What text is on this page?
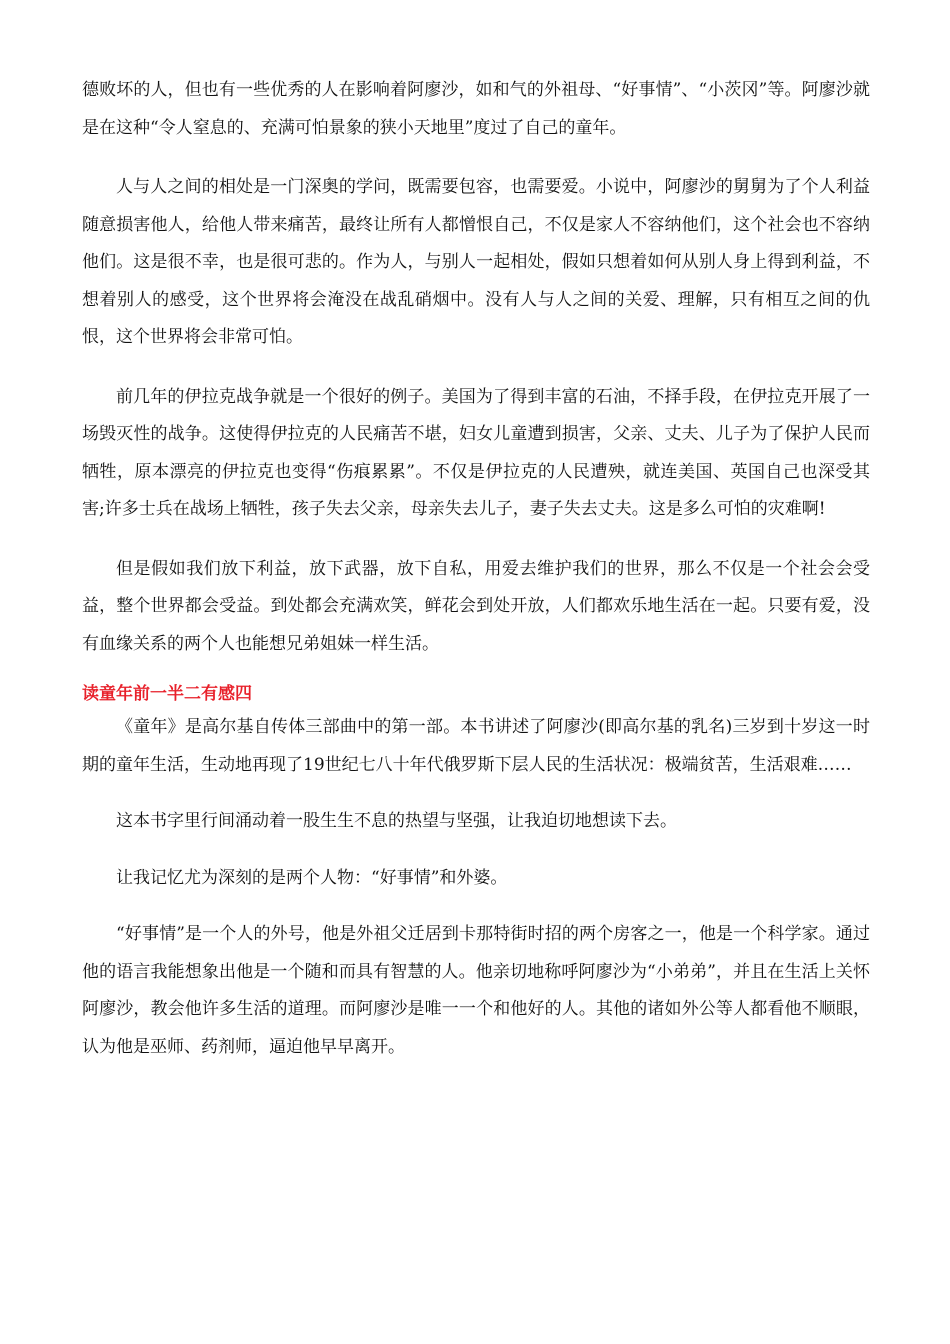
德败坏的人，但也有一些优秀的人在影响着阿廖沙，如和气的外祖母、“好事情”、“小茨冈”等。阿廖沙就是在这种“令人窒息的、充满可怕景象的狭小天地里”度过了自己的童年。

人与人之间的相处是一门深奥的学问，既需要包容，也需要爱。小说中，阿廖沙的舅舅为了个人利益随意损害他人，给他人带来痛苦，最终让所有人都憎恨自己，不仅是家人不容纳他们，这个社会也不容纳他们。这是很不幸，也是很可悲的。作为人，与别人一起相处，假如只想着如何从别人身上得到利益，不想着别人的感受，这个世界将会淹没在战乱硝烟中。没有人与人之间的关爱、理解，只有相互之间的仇恨，这个世界将会非常可怕。

前几年的伊拉克战争就是一个很好的例子。美国为了得到丰富的石油，不择手段，在伊拉克开展了一场毁灭性的战争。这使得伊拉克的人民痛苦不堪，妇女儿童遭到损害，父亲、丈夫、儿子为了保护人民而牺牲，原本漂亮的伊拉克也变得“伤痕累累”。不仅是伊拉克的人民遭殃，就连美国、英国自己也深受其害;许多士兵在战场上牺牲，孩子失去父亲，母亲失去儿子，妻子失去丈夫。这是多么可怕的灾难啊!

但是假如我们放下利益，放下武器，放下自私，用爱去维护我们的世界，那么不仅是一个社会会受益，整个世界都会受益。到处都会充满欢笑，鲜花会到处开放，人们都欢乐地生活在一起。只要有爱，没有血缘关系的两个人也能想兄弟姐妹一样生活。

读童年前一半二有感四

《童年》是高尔基自传体三部曲中的第一部。本书讲述了阿廖沙(即高尔基的乳名)三岁到十岁这一时期的童年生活，生动地再现了19世纪七八十年代俄罗斯下层人民的生活状况：极端贫苦，生活艰难……

这本书字里行间涌动着一股生生不息的热望与坚强，让我迫切地想读下去。

让我记忆尤为深刻的是两个人物：“好事情”和外婆。

“好事情”是一个人的外号，他是外祖父迁居到卡那特街时招的两个房客之一，他是一个科学家。通过他的语言我能想象出他是一个随和而具有智慧的人。他亲切地称呼阿廖沙为“小弟弟”，并且在生活上关怀阿廖沙，教会他许多生活的道理。而阿廖沙是唯一一个和他好的人。其他的诸如外公等人都看他不顺眼，认为他是巫师、药剂师，逼迫他早早离开。
